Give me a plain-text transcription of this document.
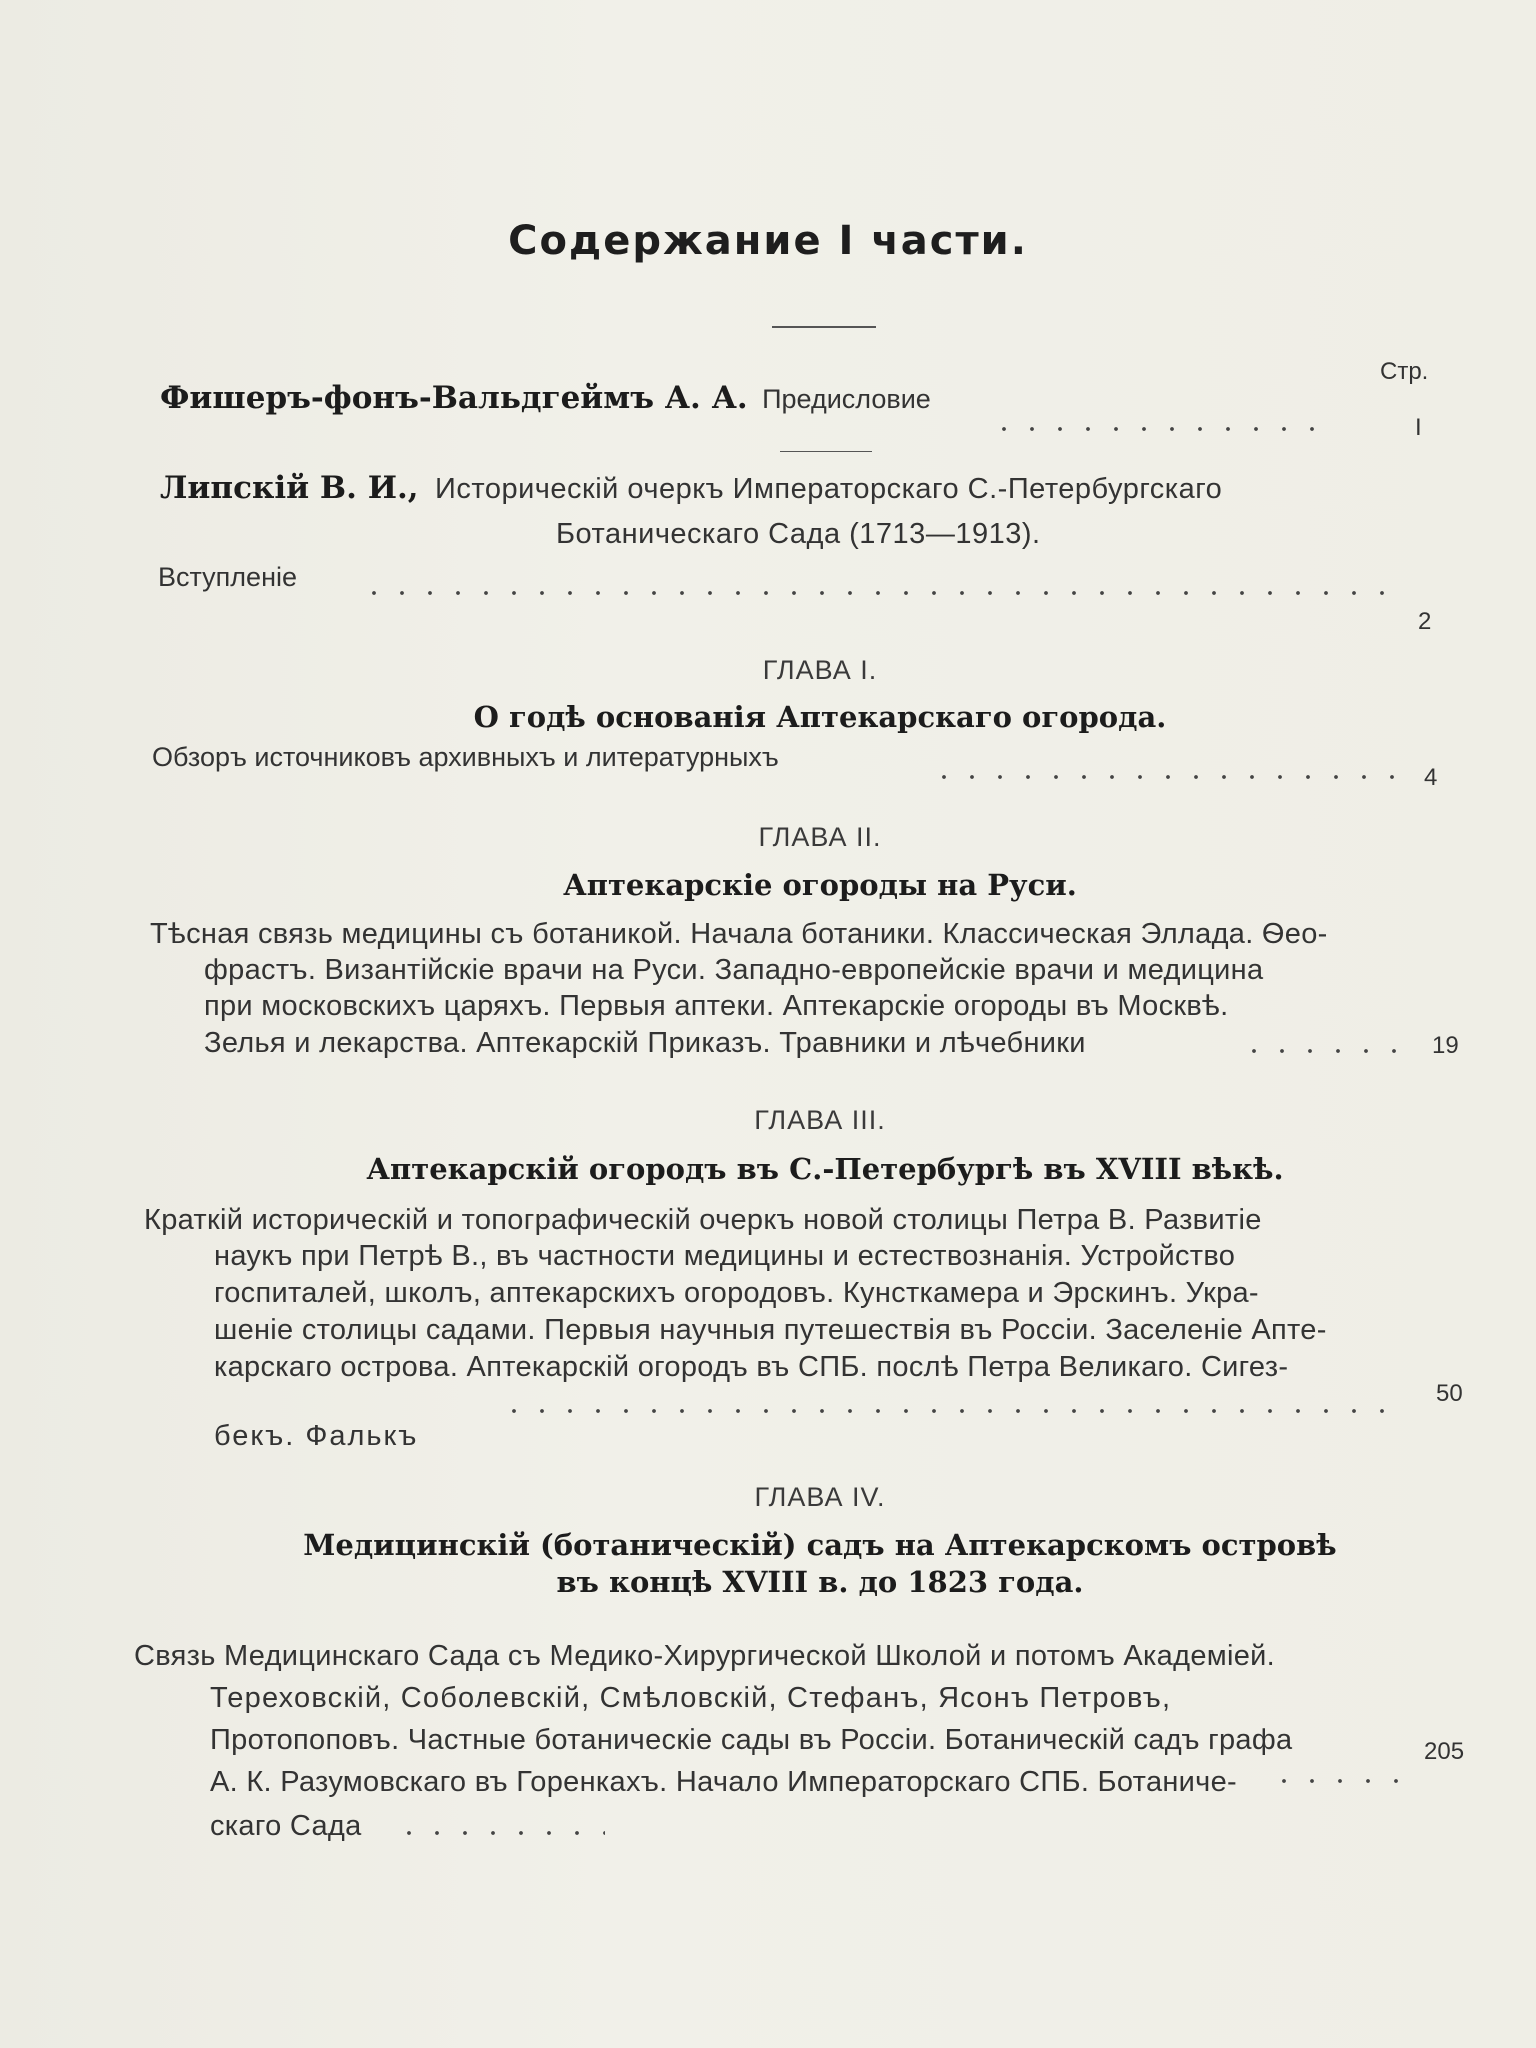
Содержание I части.
Стр.
Фишеръ-фонъ-Вальдгеймъ А. А. Предисловие
I
Липскій В. И., Историческій очеркъ Императорскаго С.-Петербургскаго
Ботаническаго Сада (1713—1913).
Вступленіе
2
ГЛАВА I.
О годѣ основанія Аптекарскаго огорода.
Обзоръ источниковъ архивныхъ и литературныхъ
4
ГЛАВА II.
Аптекарскіе огороды на Руси.
Тѣсная связь медицины съ ботаникой. Начала ботаники. Классическая Эллада. Ѳео-
фрастъ. Византійскіе врачи на Руси. Западно-европейскіе врачи и медицина
при московскихъ царяхъ. Первыя аптеки. Аптекарскіе огороды въ Москвѣ.
Зелья и лекарства. Аптекарскій Приказъ. Травники и лѣчебники	19
ГЛАВА III.
Аптекарскій огородъ въ С.-Петербургѣ въ XVIII вѣкѣ.
Краткій историческій и топографическій очеркъ новой столицы Петра В. Развитіе
наукъ при Петрѣ В., въ частности медицины и естествознанія. Устройство
госпиталей, школъ, аптекарскихъ огородовъ. Кунсткамера и Эрскинъ. Укра-
шеніе столицы садами. Первыя научныя путешествія въ Россіи. Заселеніе Апте-
карскаго острова. Аптекарскій огородъ въ СПБ. послѣ Петра Великаго. Сигез-
бекъ. Фалькъ
50
ГЛАВА IV.
Медицинскій (ботаническій) садъ на Аптекарскомъ островѣ
въ концѣ XVIII в. до 1823 года.
Связь Медицинскаго Сада съ Медико-Хирургической Школой и потомъ Академіей.
Тереховскій, Соболевскій, Смѣловскій, Стефанъ, Ясонъ Петровъ,
Протопоповъ. Частные ботаническіе сады въ Россіи. Ботаническій садъ графа
А. К. Разумовскаго въ Горенкахъ. Начало Императорскаго СПБ. Ботаниче-
скаго Сада
205
